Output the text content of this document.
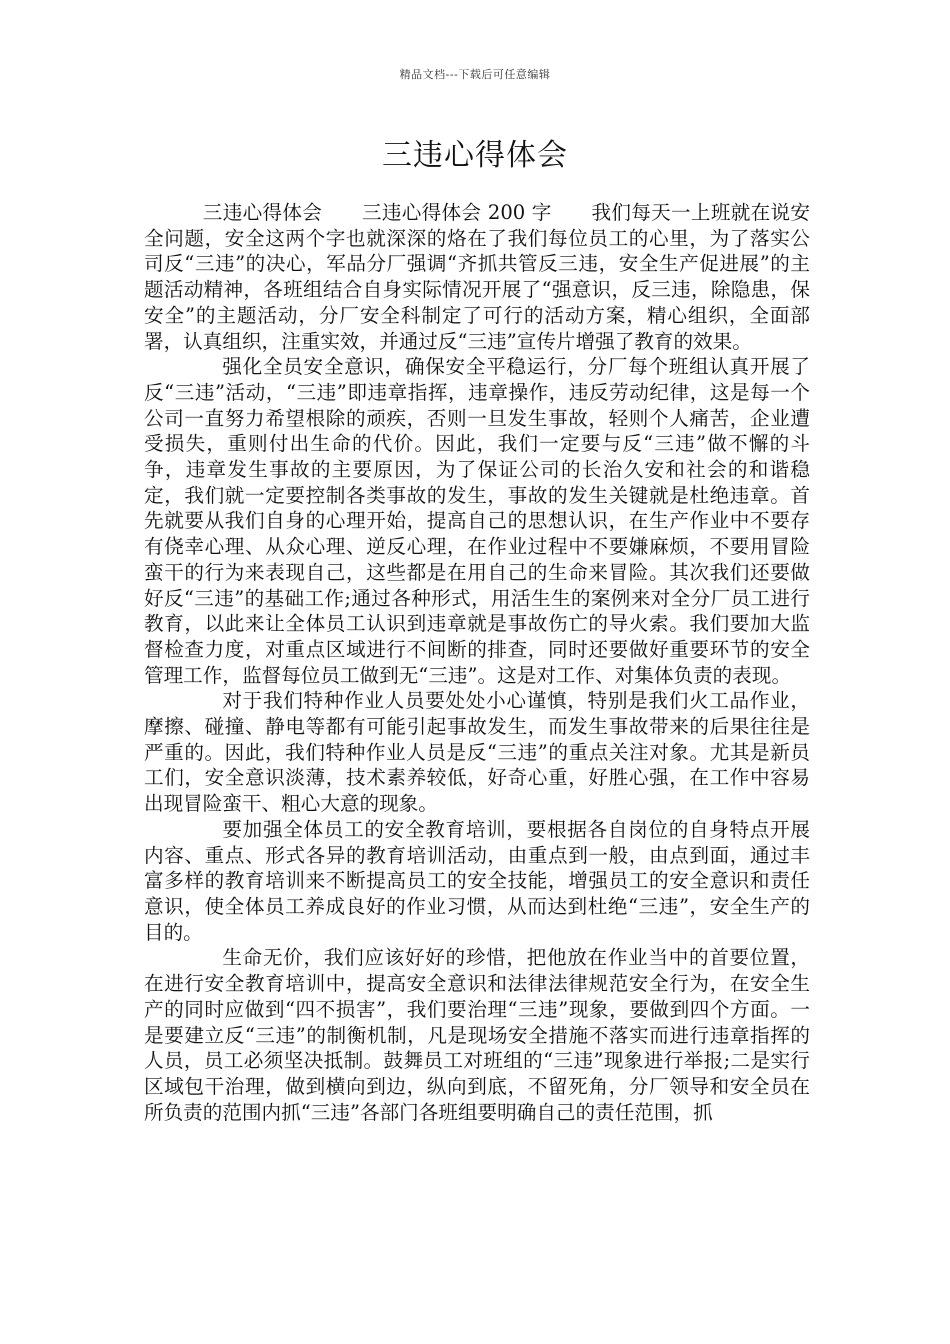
精品文档---下载后可任意编辑
三违心得体会

三违心得体会　　三违心得体会 200 字　　我们每天一上班就在说安全问题，安全这两个字也就深深的烙在了我们每位员工的心里，为了落实公司反“三违”的决心，军品分厂强调“齐抓共管反三违，安全生产促进展”的主题活动精神，各班组结合自身实际情况开展了“强意识，反三违，除隐患，保安全”的主题活动，分厂安全科制定了可行的活动方案，精心组织，全面部署，认真组织，注重实效，并通过反“三违”宣传片增强了教育的效果。

强化全员安全意识，确保安全平稳运行，分厂每个班组认真开展了反“三违”活动，“三违”即违章指挥，违章操作，违反劳动纪律，这是每一个公司一直努力希望根除的顽疾，否则一旦发生事故，轻则个人痛苦，企业遭受损失，重则付出生命的代价。因此，我们一定要与反“三违”做不懈的斗争，违章发生事故的主要原因，为了保证公司的长治久安和社会的和谐稳定，我们就一定要控制各类事故的发生，事故的发生关键就是杜绝违章。首先就要从我们自身的心理开始，提高自己的思想认识，在生产作业中不要存有侥幸心理、从众心理、逆反心理，在作业过程中不要嫌麻烦，不要用冒险蛮干的行为来表现自己，这些都是在用自己的生命来冒险。其次我们还要做好反“三违”的基础工作;通过各种形式，用活生生的案例来对全分厂员工进行教育，以此来让全体员工认识到违章就是事故伤亡的导火索。我们要加大监督检查力度，对重点区域进行不间断的排查，同时还要做好重要环节的安全管理工作，监督每位员工做到无“三违”。这是对工作、对集体负责的表现。

对于我们特种作业人员要处处小心谨慎，特别是我们火工品作业，摩擦、碰撞、静电等都有可能引起事故发生，而发生事故带来的后果往往是严重的。因此，我们特种作业人员是反“三违”的重点关注对象。尤其是新员工们，安全意识淡薄，技术素养较低，好奇心重，好胜心强，在工作中容易出现冒险蛮干、粗心大意的现象。

要加强全体员工的安全教育培训，要根据各自岗位的自身特点开展内容、重点、形式各异的教育培训活动，由重点到一般，由点到面，通过丰富多样的教育培训来不断提高员工的安全技能，增强员工的安全意识和责任意识，使全体员工养成良好的作业习惯，从而达到杜绝“三违”，安全生产的目的。

生命无价，我们应该好好的珍惜，把他放在作业当中的首要位置，在进行安全教育培训中，提高安全意识和法律法律规范安全行为，在安全生产的同时应做到“四不损害”，我们要治理“三违”现象，要做到四个方面。一是要建立反“三违”的制衡机制，凡是现场安全措施不落实而进行违章指挥的人员，员工必须坚决抵制。鼓舞员工对班组的“三违”现象进行举报;二是实行区域包干治理，做到横向到边，纵向到底，不留死角，分厂领导和安全员在所负责的范围内抓“三违”各部门各班组要明确自己的责任范围，抓
